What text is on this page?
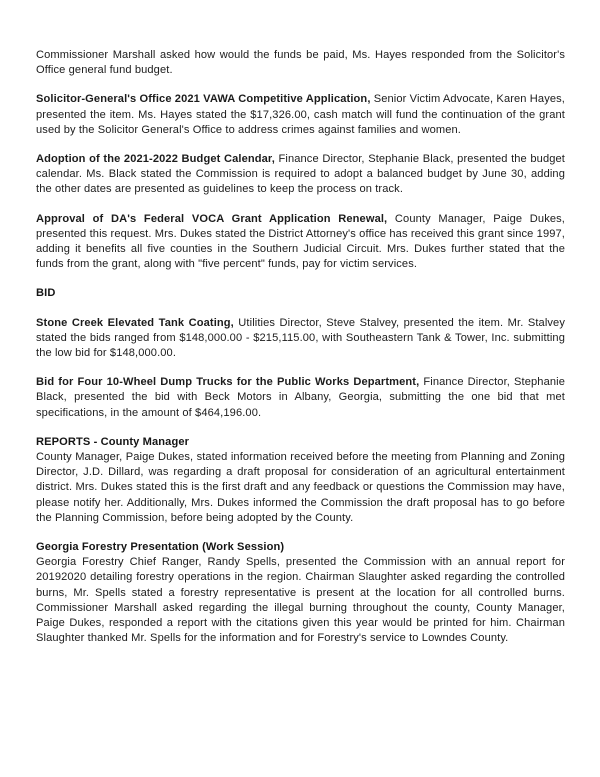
Commissioner Marshall asked how would the funds be paid, Ms. Hayes responded from the Solicitor's Office general fund budget.

Solicitor-General's Office 2021 VAWA Competitive Application, Senior Victim Advocate, Karen Hayes, presented the item. Ms. Hayes stated the $17,326.00, cash match will fund the continuation of the grant used by the Solicitor General's Office to address crimes against families and women.

Adoption of the 2021-2022 Budget Calendar, Finance Director, Stephanie Black, presented the budget calendar. Ms. Black stated the Commission is required to adopt a balanced budget by June 30, adding the other dates are presented as guidelines to keep the process on track.

Approval of DA's Federal VOCA Grant Application Renewal, County Manager, Paige Dukes, presented this request. Mrs. Dukes stated the District Attorney's office has received this grant since 1997, adding it benefits all five counties in the Southern Judicial Circuit. Mrs. Dukes further stated that the funds from the grant, along with "five percent" funds, pay for victim services.

BID

Stone Creek Elevated Tank Coating, Utilities Director, Steve Stalvey, presented the item. Mr. Stalvey stated the bids ranged from $148,000.00 - $215,115.00, with Southeastern Tank & Tower, Inc. submitting the low bid for $148,000.00.

Bid for Four 10-Wheel Dump Trucks for the Public Works Department, Finance Director, Stephanie Black, presented the bid with Beck Motors in Albany, Georgia, submitting the one bid that met specifications, in the amount of $464,196.00.

REPORTS - County Manager

County Manager, Paige Dukes, stated information received before the meeting from Planning and Zoning Director, J.D. Dillard, was regarding a draft proposal for consideration of an agricultural entertainment district. Mrs. Dukes stated this is the first draft and any feedback or questions the Commission may have, please notify her. Additionally, Mrs. Dukes informed the Commission the draft proposal has to go before the Planning Commission, before being adopted by the County.

Georgia Forestry Presentation (Work Session)

Georgia Forestry Chief Ranger, Randy Spells, presented the Commission with an annual report for 20192020 detailing forestry operations in the region. Chairman Slaughter asked regarding the controlled burns, Mr. Spells stated a forestry representative is present at the location for all controlled burns. Commissioner Marshall asked regarding the illegal burning throughout the county, County Manager, Paige Dukes, responded a report with the citations given this year would be printed for him. Chairman Slaughter thanked Mr. Spells for the information and for Forestry's service to Lowndes County.
